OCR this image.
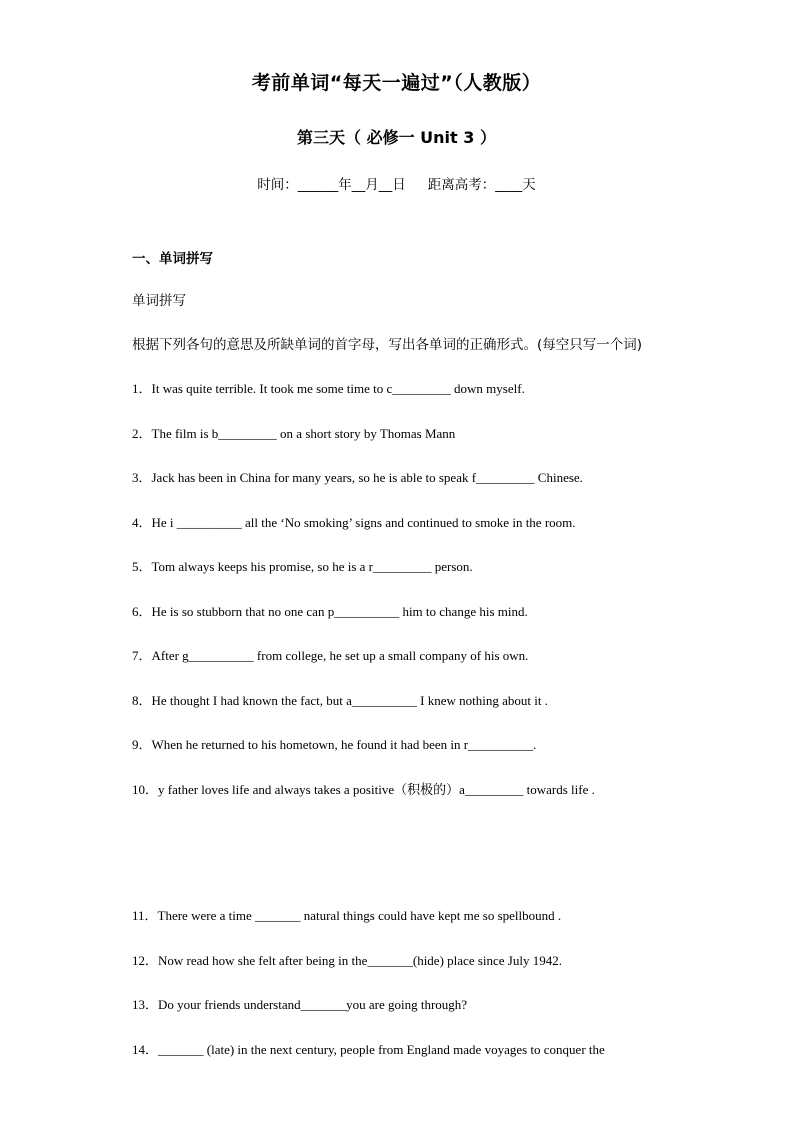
考前单词“每天一遍过”（人教版）
第三天（ 必修一 Unit 3 ）
时间：______年__月__日 距离高考：____天
一、单词拼写
单词拼写
根据下列各句的意思及所缺单词的首字母，写出各单词的正确形式。(每空只写一个词)
1．It was quite terrible. It took me some time to c_________ down myself.
2．The film is b_________ on a short story by Thomas Mann
3．Jack has been in China for many years, so he is able to speak f_________ Chinese.
4．He i __________ all the ‘No smoking’ signs and continued to smoke in the room.
5．Tom always keeps his promise, so he is a r_________ person.
6．He is so stubborn that no one can p__________ him to change his mind.
7．After g__________ from college, he set up a small company of his own.
8．He thought I had known the fact, but a__________ I knew nothing about it .
9．When he returned to his hometown, he found it had been in r__________.
10．y father loves life and always takes a positive（积极的）a_________ towards life .
11．There were a time _______ natural things could have kept me so spellbound .
12．Now read how she felt after being in the_______(hide) place since July 1942.
13．Do your friends understand_______you are going through?
14．_______ (late) in the next century, people from England made voyages to conquer the
